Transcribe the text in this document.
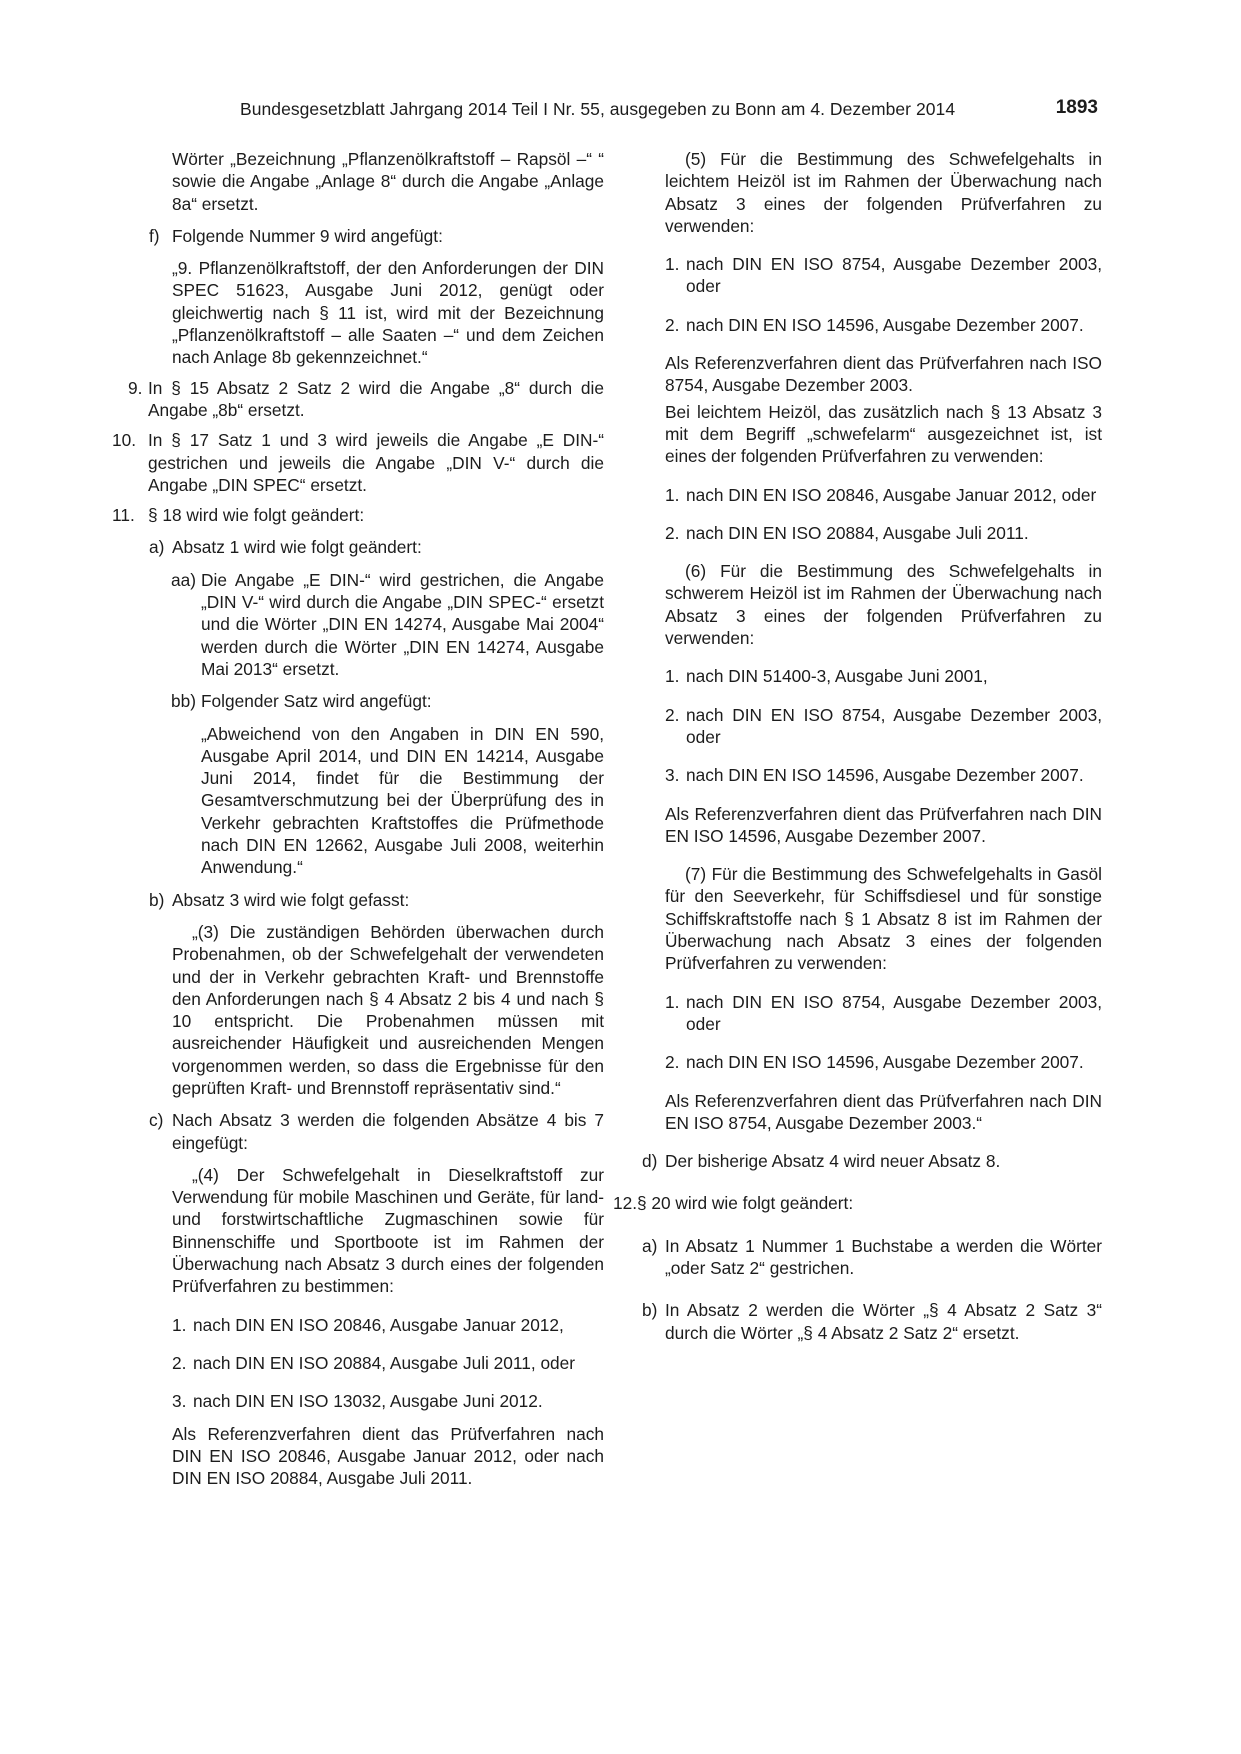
Bundesgesetzblatt Jahrgang 2014 Teil I Nr. 55, ausgegeben zu Bonn am 4. Dezember 2014	1893
Wörter „Bezeichnung „Pflanzenölkraftstoff – Rapsöl –“ “ sowie die Angabe „Anlage 8“ durch die Angabe „Anlage 8a“ ersetzt.
f) Folgende Nummer 9 wird angefügt:
„9. Pflanzenölkraftstoff, der den Anforderungen der DIN SPEC 51623, Ausgabe Juni 2012, genügt oder gleichwertig nach § 11 ist, wird mit der Bezeichnung „Pflanzenölkraftstoff – alle Saaten –“ und dem Zeichen nach Anlage 8b gekennzeichnet.“
9. In § 15 Absatz 2 Satz 2 wird die Angabe „8“ durch die Angabe „8b“ ersetzt.
10. In § 17 Satz 1 und 3 wird jeweils die Angabe „E DIN-“ gestrichen und jeweils die Angabe „DIN V-“ durch die Angabe „DIN SPEC“ ersetzt.
11. § 18 wird wie folgt geändert:
a) Absatz 1 wird wie folgt geändert:
aa) Die Angabe „E DIN-“ wird gestrichen, die Angabe „DIN V-“ wird durch die Angabe „DIN SPEC-“ ersetzt und die Wörter „DIN EN 14274, Ausgabe Mai 2004“ werden durch die Wörter „DIN EN 14274, Ausgabe Mai 2013“ ersetzt.
bb) Folgender Satz wird angefügt:
„Abweichend von den Angaben in DIN EN 590, Ausgabe April 2014, und DIN EN 14214, Ausgabe Juni 2014, findet für die Bestimmung der Gesamtverschmutzung bei der Überprüfung des in Verkehr gebrachten Kraftstoffes die Prüfmethode nach DIN EN 12662, Ausgabe Juli 2008, weiterhin Anwendung.“
b) Absatz 3 wird wie folgt gefasst:
„(3) Die zuständigen Behörden überwachen durch Probenahmen, ob der Schwefelgehalt der verwendeten und der in Verkehr gebrachten Kraft- und Brennstoffe den Anforderungen nach § 4 Absatz 2 bis 4 und nach § 10 entspricht. Die Probenahmen müssen mit ausreichender Häufigkeit und ausreichenden Mengen vorgenommen werden, so dass die Ergebnisse für den geprüften Kraft- und Brennstoff repräsentativ sind.“
c) Nach Absatz 3 werden die folgenden Absätze 4 bis 7 eingefügt:
„(4) Der Schwefelgehalt in Dieselkraftstoff zur Verwendung für mobile Maschinen und Geräte, für land- und forstwirtschaftliche Zugmaschinen sowie für Binnenschiffe und Sportboote ist im Rahmen der Überwachung nach Absatz 3 durch eines der folgenden Prüfverfahren zu bestimmen:
1. nach DIN EN ISO 20846, Ausgabe Januar 2012,
2. nach DIN EN ISO 20884, Ausgabe Juli 2011, oder
3. nach DIN EN ISO 13032, Ausgabe Juni 2012.
Als Referenzverfahren dient das Prüfverfahren nach DIN EN ISO 20846, Ausgabe Januar 2012, oder nach DIN EN ISO 20884, Ausgabe Juli 2011.
(5) Für die Bestimmung des Schwefelgehalts in leichtem Heizöl ist im Rahmen der Überwachung nach Absatz 3 eines der folgenden Prüfverfahren zu verwenden:
1. nach DIN EN ISO 8754, Ausgabe Dezember 2003, oder
2. nach DIN EN ISO 14596, Ausgabe Dezember 2007.
Als Referenzverfahren dient das Prüfverfahren nach ISO 8754, Ausgabe Dezember 2003.
Bei leichtem Heizöl, das zusätzlich nach § 13 Absatz 3 mit dem Begriff „schwefelarm“ ausgezeichnet ist, ist eines der folgenden Prüfverfahren zu verwenden:
1. nach DIN EN ISO 20846, Ausgabe Januar 2012, oder
2. nach DIN EN ISO 20884, Ausgabe Juli 2011.
(6) Für die Bestimmung des Schwefelgehalts in schwerem Heizöl ist im Rahmen der Überwachung nach Absatz 3 eines der folgenden Prüfverfahren zu verwenden:
1. nach DIN 51400-3, Ausgabe Juni 2001,
2. nach DIN EN ISO 8754, Ausgabe Dezember 2003, oder
3. nach DIN EN ISO 14596, Ausgabe Dezember 2007.
Als Referenzverfahren dient das Prüfverfahren nach DIN EN ISO 14596, Ausgabe Dezember 2007.
(7) Für die Bestimmung des Schwefelgehalts in Gasöl für den Seeverkehr, für Schiffsdiesel und für sonstige Schiffskraftstoffe nach § 1 Absatz 8 ist im Rahmen der Überwachung nach Absatz 3 eines der folgenden Prüfverfahren zu verwenden:
1. nach DIN EN ISO 8754, Ausgabe Dezember 2003, oder
2. nach DIN EN ISO 14596, Ausgabe Dezember 2007.
Als Referenzverfahren dient das Prüfverfahren nach DIN EN ISO 8754, Ausgabe Dezember 2003.“
d) Der bisherige Absatz 4 wird neuer Absatz 8.
12. § 20 wird wie folgt geändert:
a) In Absatz 1 Nummer 1 Buchstabe a werden die Wörter „oder Satz 2“ gestrichen.
b) In Absatz 2 werden die Wörter „§ 4 Absatz 2 Satz 3“ durch die Wörter „§ 4 Absatz 2 Satz 2“ ersetzt.
